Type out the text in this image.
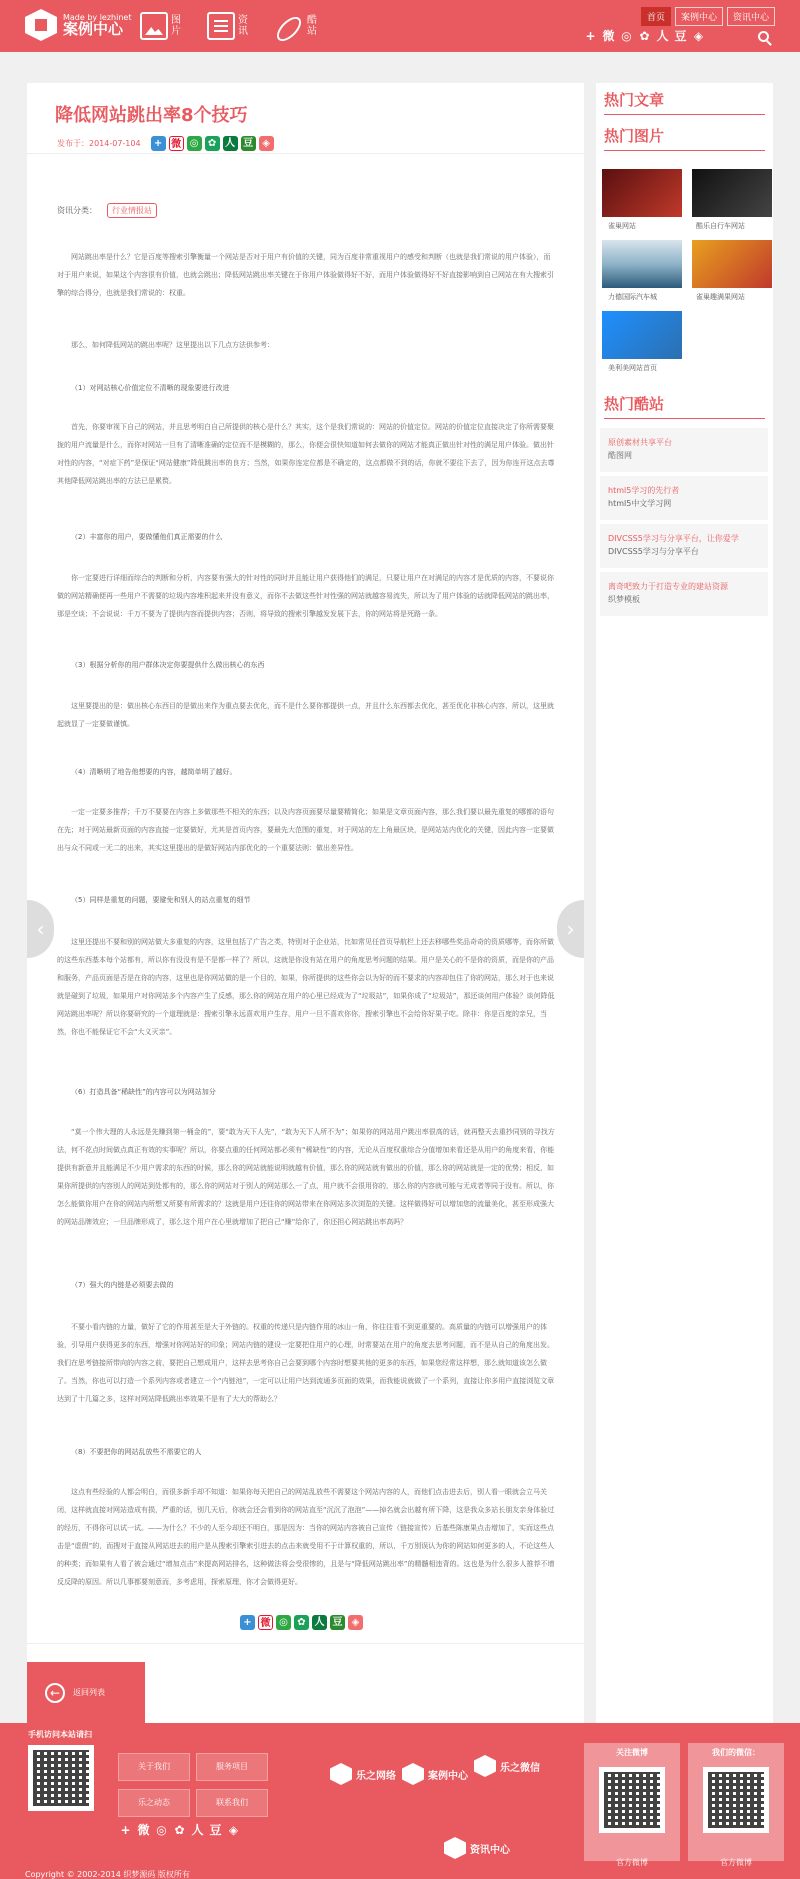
Made by lezhinet
案例中心	图片
资讯
酷站
首页	案例中心	资讯中心
+ 微 ◎ ✿ 人 豆 ◈
降低网站跳出率8个技巧
发布于：2014-07-104	+ 微 ◎ ✿ 人 豆 ◈
资讯分类：	行业情报站

网站跳出率是什么？它是百度等搜索引擎衡量一个网站是否对于用户有价值的关键，同为百度非常重视用户的感受和判断（也就是我们常说的用户体验），而对于用户来说，如果这个内容很有价值，也就会跳出；降低网站跳出率关键在于你用户体验做得好不好，而用户体验做得好不好直接影响到自己网站在有大搜索引擎的综合得分，也就是我们常说的：权重。

那么，如何降低网站的跳出率呢？这里提出以下几点方法供参考：

（1）对网站核心价值定位不清晰的现象要进行改进

首先，你要审视下自己的网站，并且思考明白自己所提供的核心是什么？其实，这个是我们常说的：网站的价值定位。网站的价值定位直接决定了你所需要聚拢的用户流量是什么，而你对网站一旦有了清晰准确的定位而不是模糊的，那么，你便会很快知道如何去做你的网站才能真正做出针对性的满足用户体验。做出针对性的内容，“对症下药”是保证“网站健康”降低跳出率的良方；当然，如果你连定位都是不确定的，这点都做不到的话，你就不要往下去了，因为你连开这点去尊其他降低网站跳出率的方法已是累赘。

（2）丰富你的用户，要做懂他们真正需要的什么

你一定要进行详细而综合的判断和分析，内容要有强大的针对性的同时并且能让用户获得他们的满足，只要让用户在对满足的内容才是优质的内容，不要说你做的网站精确便再一些用户不需要的垃圾内容堆积起来并没有意义，而你不去做这些针对性强的网站就越容易流失，所以为了用户体验的话就降低网站的跳出率，那是空谈；不会说说：千万不要为了提供内容而提供内容；否则，将导致的搜索引擎越发发展下去，你的网站将是死路一条。

（3）根据分析你的用户群体决定你要提供什么做出核心的东西

这里要提出的是：做出核心东西目的是做出来作为重点要去优化，而不是什么要你都提供一点，并且什么东西都去优化，甚至优化非核心内容，所以，这里就起就显了一定要做谨慎。

（4）清晰明了地告他想要的内容，越简单明了越好。

一定一定要多推荐；千万不要要在内容上多做那些不相关的东西；以及内容页面要尽量要精简化；如果是文章页面内容，那么我们要以最先重复的哪都的语句在先；对于网站最新页面的内容直接一定要做好，尤其是首页内容，要最先大范围的重复，对于网站的左上角最区块，是网站站内优化的关键，因此内容一定要做出与众不同或一无二的出来，其实这里提出的是做好网站内部优化的一个重要法则：做出差异性。

（5）同样是重复的问题，要避免和别人的站点重复的细节

这里还提出不要和别的网站做大多重复的内容，这里包括了广告之类，特别对于企业站，比如常见任首页导航栏上还去移哪些奖品奇奇的资质哪等，而你所做的这些东西基本每个站都有，所以你有没没有是不是都一样了？所以，这就是你没有站在用户的角度思考问题的结果。用户是关心的不是你的资质，而是你的产品和服务，产品页面是否是在你的内容，这里也是你网站做的是一个目的，如果，你所提供的这些你会以为好的而不要求的内容却包住了你的网站，那么对于也来说就是碰到了垃圾，如果用户对你网站多个内容产生了反感，那么你的网站在用户的心里已经成为了“垃圾站”，如果你成了“垃圾站”，那还谈何用户体验？谈何降低网站跳出率呢？所以你要研究的一个道理就是：搜索引擎永远喜欢用户生存，用户一旦不喜欢你你，搜索引擎也不会给你好果子吃。除非：你是百度的亲兄，当然，你也不能保证它不会“大义灭亲”。

（6）打造具备“稀缺性”的内容可以为网站加分

“莫一个伟大理的人永远是先赚到第一桶金的”，要“敢为天下人先”，“敢为天下人所不为”；如果你的网站用户跳出率很高的话，就再整天去重抄同别的寻找方法，何不花点时间做点真正有效的实事呢？所以，你要点重的任何网站都必须有“稀缺性”的内容，无论从百度权重综合分值增加来看还是从用户的角度来看，你能提供有新意并且能满足不少用户需求的东西的时候，那么你的网站就能说明就越有价值，那么你的网站就有做出的价值，那么你的网站就是一定的优势；相反，如果你所提供的内容别人的网站到处都有的，那么你的网站对于别人的网站那么一了点，用户就不会很用你的，那么你的内容就可能与无成者等同于没有。所以，你怎么能做你用户在你的网站内所想又所要有所需求的？这就是用户还往你的网站带来在你网站多次浏览的关键。这样做得好可以增加您的流量美化，甚至形成强大的网站品牌效应；一旦品牌形成了，那么这个用户在心里就增加了把自己“赚”给你了，你还担心网站跳出率高吗？

（7）强大的内链是必须要去做的

不要小看内链的力量，做好了它的作用甚至是大于外链的。权重的传递只是内链作用的冰山一角，你往往看不到更重要的。高质量的内链可以增强用户的体验，引导用户获得更多的东西，增强对你网站好的印象；网站内链的建设一定要把住用户的心理，时常要站在用户的角度去思考问题，而不是从自己的角度出发。我们在思考链接所带向的内容之前，要把自己想成用户，这样去思考你自己会要到哪个内容时想要其他的更多的东西，如果您经常这样想，那么就知道该怎么做了。当然，你也可以打造一个系列内容或者建立一个“内链池”，一定可以让用户达到流通多页面的效果，而我能说就做了一个系列，直接让你多用户直接浏览文章达到了十几篇之多，这样对网站降低跳出率效果不是有了大大的帮助么？

（8）不要把你的网站乱放些不需要它的人

这点有些经验的人都会明白，而很多新手却不知道：如果你每天把自己的网站乱放些不需要这个网站内容的人，而他们点击进去后，别人看一眼就会立马关闭，这样就直接对网站造成有损，严重的话，别几天后，你就会还会看到你的网站直至“沉沉了泡泡”——掉名就会出越有所下降，这是我众多站长朋友亲身体验过的经历，不得你可以试一试。——为什么？不少的人至今却还不明白，那是因为：当你的网站内容被自己宣传（链接宣传）后基些陈康果点击增加了，实而这些点击是“虚假”的，而搜对于直接从网站进去的用户是从搜索引擎索引进去的点击来就受用不于计算权重的，所以，千万别误认为你的网站如何更多的人，不论这些人的种类；而如果有人看了被会通过“增加点击”来提高网站排名，这种做法将会受很惨的，且是与“降低网站跳出率”的精髓相违背的。这也是为什么很多人推荐不增反反降的原因。所以几事都要刻意而，多考虑用，探索原理，你才会做得更好。

‹	›
+ 微 ◎ ✿ 人 豆 ◈
←	返回列表
热门文章
热门图片
雀巢网站	酷乐自行车网站
力德国际汽车城	雀巢趣满果网站
美利美网站首页
热门酷站
原创素材共享平台
酷图网
html5学习的先行者
html5中文学习网
DIVCSS5学习与分享平台，让你爱学
DIVCSS5学习与分享平台
离奇吧致力于打造专业的建站资源
织梦模板
手机访问本站请扫
关于我们	服务项目
乐之动态	联系我们
+ 微 ◎ ✿ 人 豆 ◈
乐之网络	案例中心
乐之微信
资讯中心
关注微博
官方微博
我们的微信：
官方微博
Copyright © 2002-2014 织梦源码 版权所有
